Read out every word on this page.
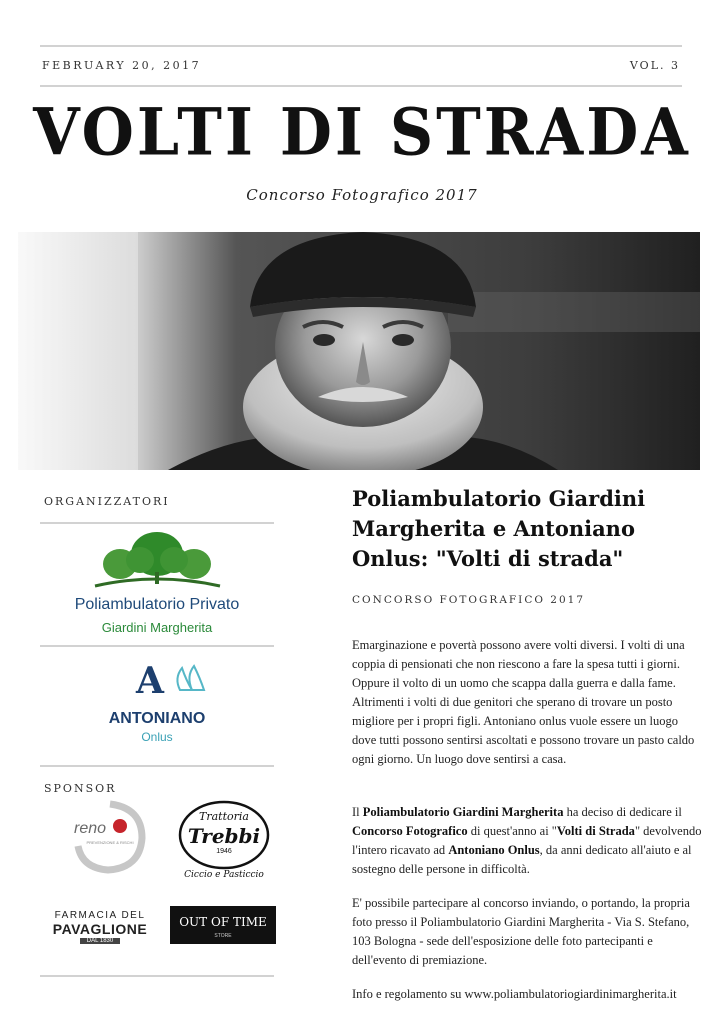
FEBRUARY 20, 2017	VOL. 3
VOLTI DI STRADA
Concorso Fotografico 2017
ORGANIZZATORI
Poliambulatorio Privato
Giardini Margherita
A
ANTONIANO
Onlus
SPONSOR
reno
PREVENZIONE & RISCHI
Trattoria
Trebbi
1946
Ciccio e Pasticcio
FARMACIA DEL
PAVAGLIONE
DAL 1830
OUT OF TIME
STORE
Poliambulatorio Giardini Margherita e Antoniano Onlus: "Volti di strada"
CONCORSO FOTOGRAFICO 2017
Emarginazione e povertà possono avere volti diversi. I volti di una coppia di pensionati che non riescono a fare la spesa tutti i giorni. Oppure il volto di un uomo che scappa dalla guerra e dalla fame. Altrimenti i volti di due genitori che sperano di trovare un posto migliore per i propri figli. Antoniano onlus vuole essere un luogo dove tutti possono sentirsi ascoltati e possono trovare un pasto caldo ogni giorno. Un luogo dove sentirsi a casa.
Il Poliambulatorio Giardini Margherita ha deciso di dedicare il Concorso Fotografico di quest'anno ai "Volti di Strada" devolvendo l'intero ricavato ad Antoniano Onlus, da anni dedicato all'aiuto e al sostegno delle persone in difficoltà.
E' possibile partecipare al concorso inviando, o portando, la propria foto presso il Poliambulatorio Giardini Margherita - Via S. Stefano, 103 Bologna - sede dell'esposizione delle foto partecipanti e dell'evento di premiazione.
Info e regolamento su www.poliambulatoriogiardinimargherita.it
